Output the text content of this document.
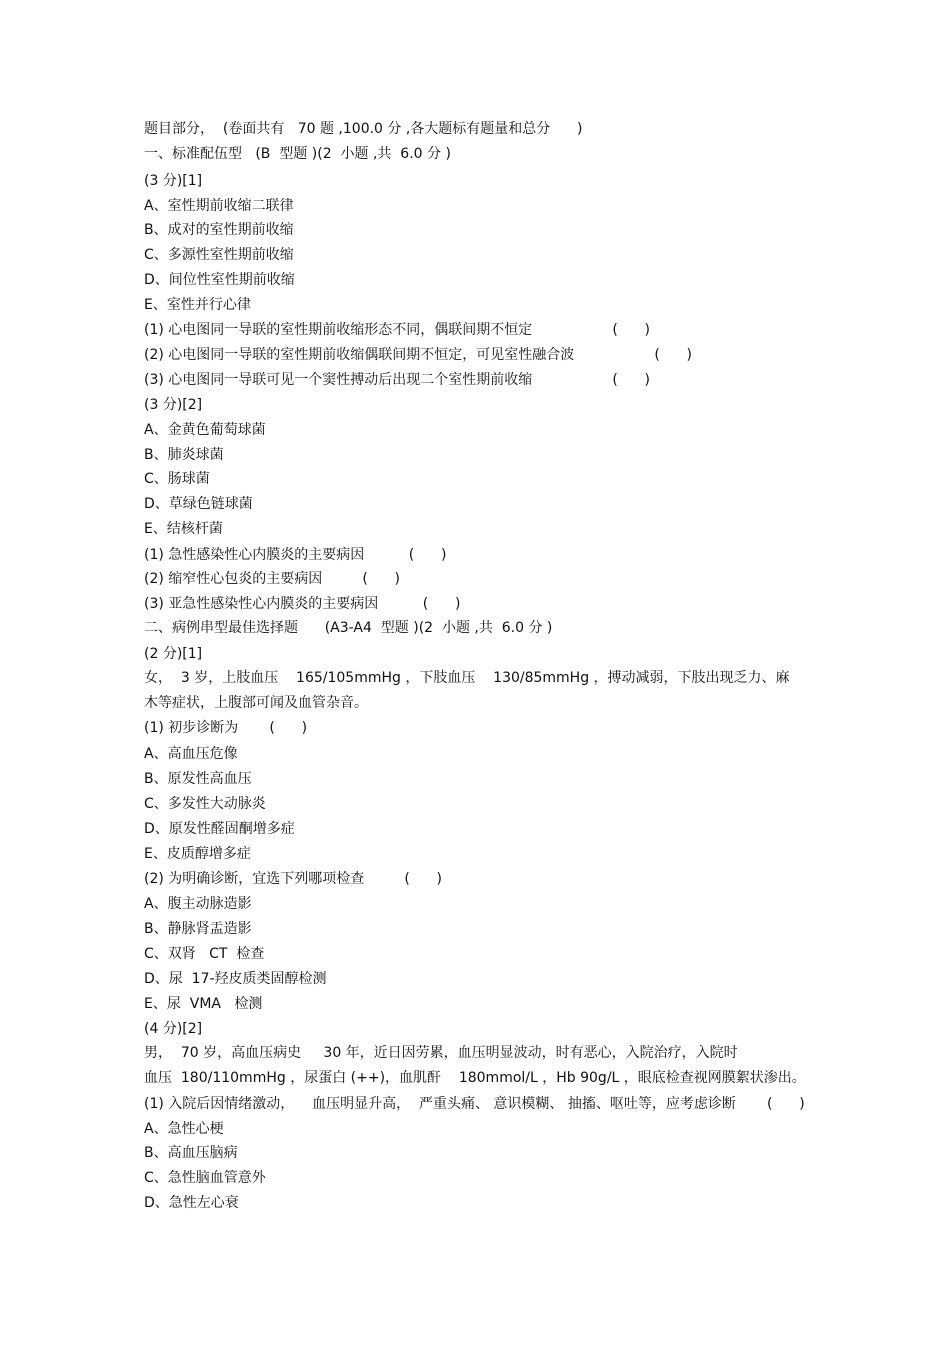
题目部分，  (卷面共有   70 题 ,100.0 分 ,各大题标有题量和总分      )
一、标准配伍型   (B  型题 )(2  小题 ,共  6.0 分 )
(3 分)[1]
A、室性期前收缩二联律
B、成对的室性期前收缩
C、多源性室性期前收缩
D、间位性室性期前收缩
E、室性并行心律
(1) 心电图同一导联的室性期前收缩形态不同，偶联间期不恒定                  (      )
(2) 心电图同一导联的室性期前收缩偶联间期不恒定，可见室性融合波                  (      )
(3) 心电图同一导联可见一个窦性搏动后出现二个室性期前收缩                  (      )
(3 分)[2]
A、金黄色葡萄球菌
B、肺炎球菌
C、肠球菌
D、草绿色链球菌
E、结核杆菌
(1) 急性感染性心内膜炎的主要病因          (      )
(2) 缩窄性心包炎的主要病因         (      )
(3) 亚急性感染性心内膜炎的主要病因          (      )
二、病例串型最佳选择题      (A3-A4  型题 )(2  小题 ,共  6.0 分 )
(2 分)[1]
女，  3 岁，上肢血压    165/105mmHg ，下肢血压    130/85mmHg ，搏动减弱，下肢出现乏力、麻
木等症状，上腹部可闻及血管杂音。
(1) 初步诊断为       (      )
A、高血压危像
B、原发性高血压
C、多发性大动脉炎
D、原发性醛固酮增多症
E、皮质醇增多症
(2) 为明确诊断，宜选下列哪项检查         (      )
A、腹主动脉造影
B、静脉肾盂造影
C、双肾   CT  检查
D、尿  17-羟皮质类固醇检测
E、尿  VMA   检测
(4 分)[2]
男，  70 岁，高血压病史     30 年，近日因劳累，血压明显波动，时有恶心，入院治疗，入院时
血压  180/110mmHg ，尿蛋白 (++)，血肌酐    180mmol/L ，Hb 90g/L ，眼底检查视网膜絮状渗出。
(1) 入院后因情绪激动，    血压明显升高，  严重头痛、 意识模糊、 抽搐、呕吐等，应考虑诊断       (      )
A、急性心梗
B、高血压脑病
C、急性脑血管意外
D、急性左心衰
